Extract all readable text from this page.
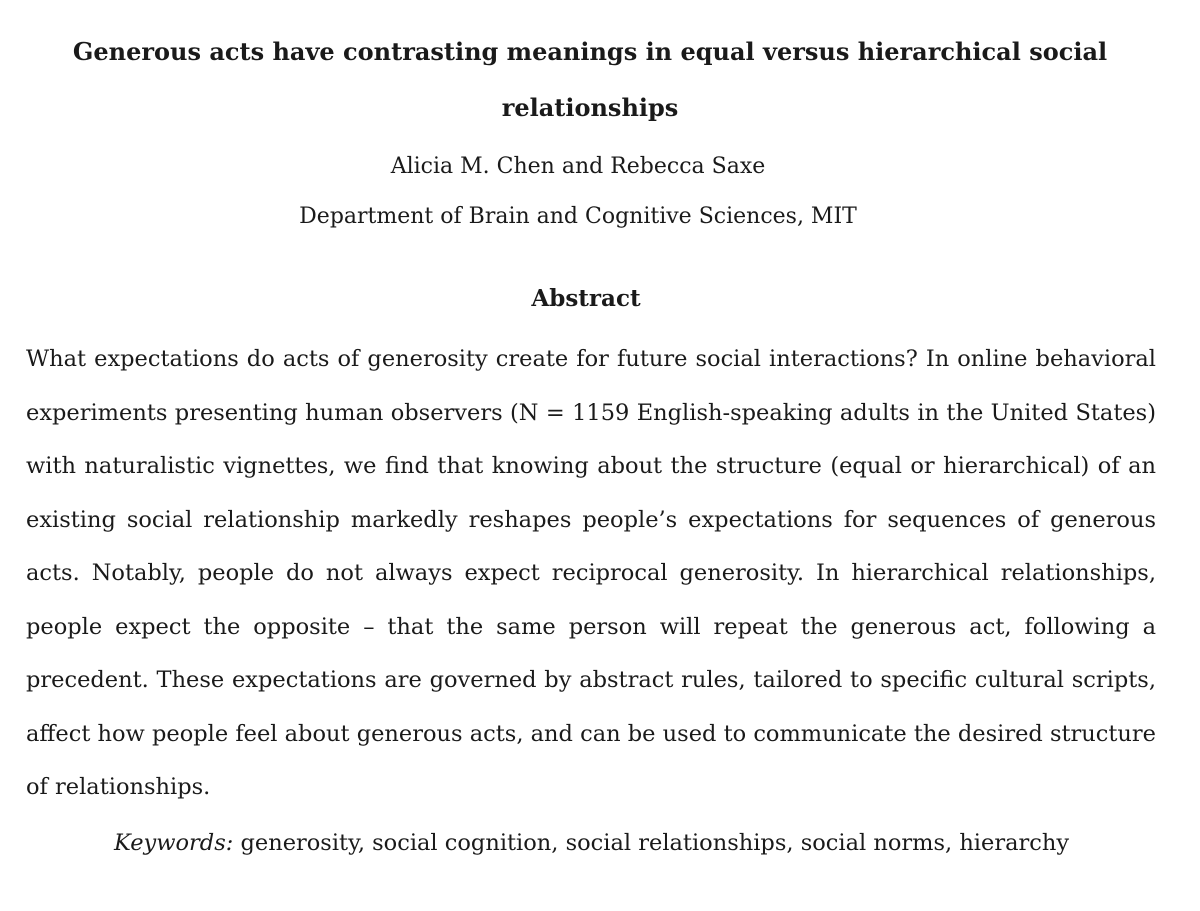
Generous acts have contrasting meanings in equal versus hierarchical social
relationships

Alicia M. Chen and Rebecca Saxe

Department of Brain and Cognitive Sciences, MIT

Abstract
What expectations do acts of generosity create for future social interactions? In online behavioral
experiments presenting human observers (N = 1159 English-speaking adults in the United States)
with naturalistic vignettes, we find that knowing about the structure (equal or hierarchical) of an
existing social relationship markedly reshapes people’s expectations for sequences of generous
acts. Notably, people do not always expect reciprocal generosity. In hierarchical relationships,
people expect the opposite – that the same person will repeat the generous act, following a
precedent. These expectations are governed by abstract rules, tailored to specific cultural scripts,
affect how people feel about generous acts, and can be used to communicate the desired structure
of relationships.

Keywords: generosity, social cognition, social relationships, social norms, hierarchy
